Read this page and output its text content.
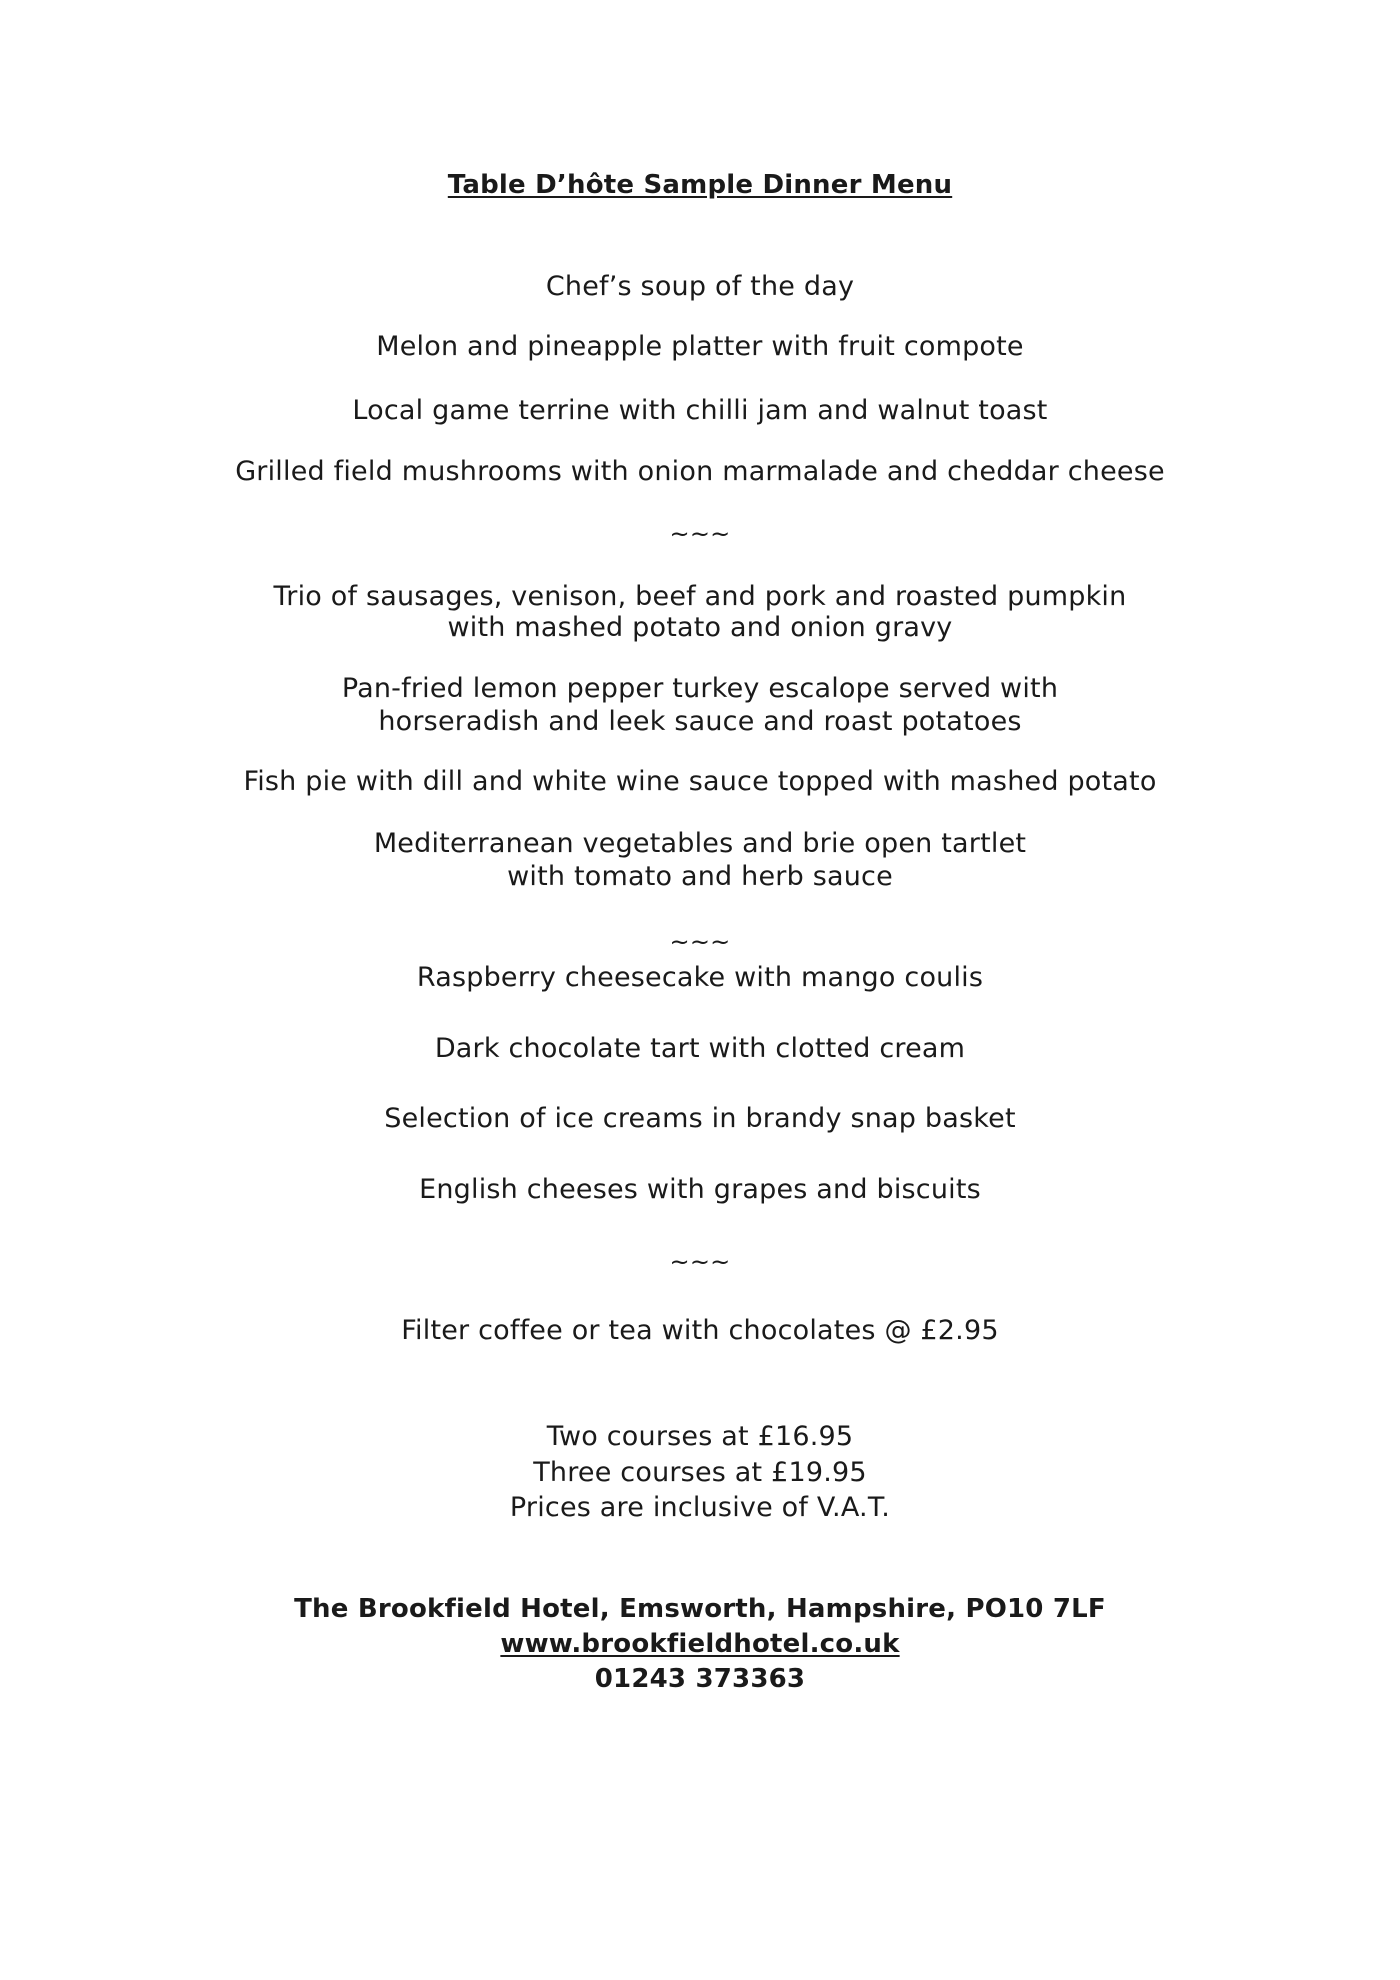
Table D’hôte Sample Dinner Menu
Chef’s soup of the day
Melon and pineapple platter with fruit compote
Local game terrine with chilli jam and walnut toast
Grilled field mushrooms with onion marmalade and cheddar cheese
~~~
Trio of sausages, venison, beef and pork and roasted pumpkin
with mashed potato and onion gravy
Pan-fried lemon pepper turkey escalope served with
horseradish and leek sauce and roast potatoes
Fish pie with dill and white wine sauce topped with mashed potato
Mediterranean vegetables and brie open tartlet
with tomato and herb sauce
~~~
Raspberry cheesecake with mango coulis
Dark chocolate tart with clotted cream
Selection of ice creams in brandy snap basket
English cheeses with grapes and biscuits
~~~
Filter coffee or tea with chocolates @ £2.95
Two courses at £16.95
Three courses at £19.95
Prices are inclusive of V.A.T.
The Brookfield Hotel, Emsworth, Hampshire, PO10 7LF
www.brookfieldhotel.co.uk
01243 373363
